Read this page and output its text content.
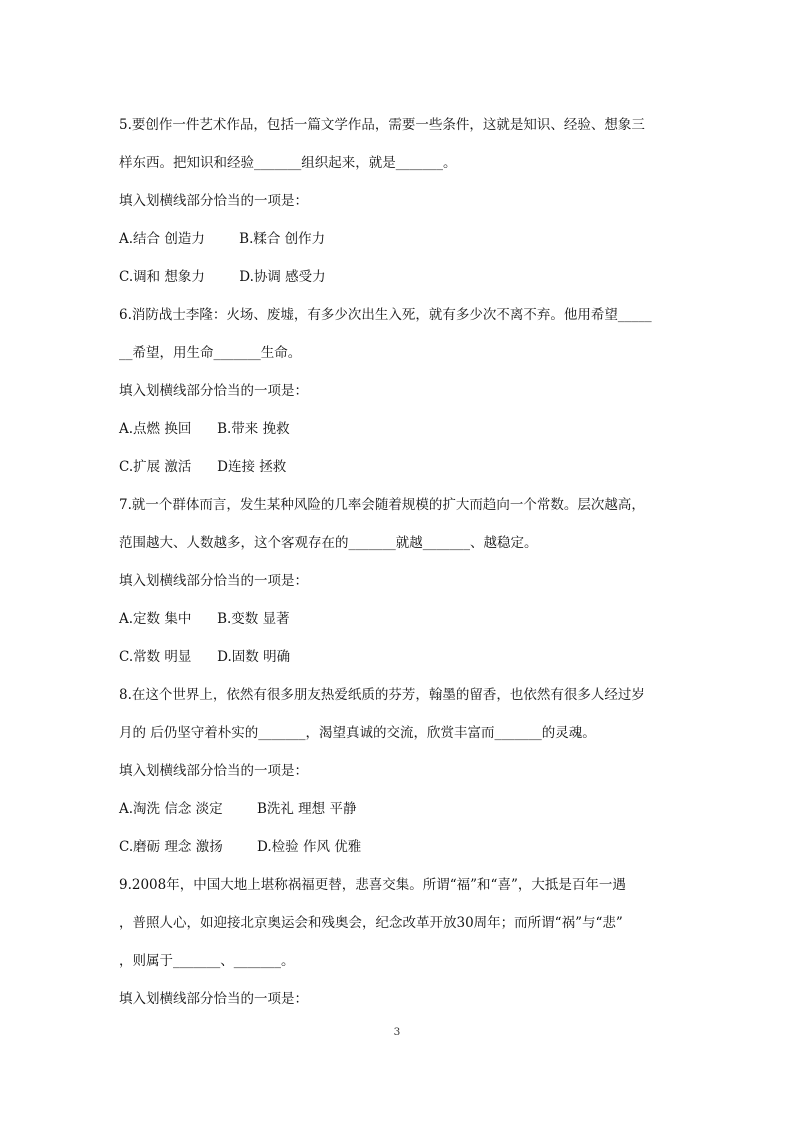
5.要创作一件艺术作品，包括一篇文学作品，需要一些条件，这就是知识、经验、想象三

样东西。把知识和经验_______组织起来，就是_______。

填入划横线部分恰当的一项是：

A.结合 创造力        B.糅合 创作力

C.调和 想象力        D.协调 感受力

6.消防战士李隆：火场、废墟，有多少次出生入死，就有多少次不离不弃。他用希望_____

__希望，用生命_______生命。

填入划横线部分恰当的一项是：

A.点燃 换回      B.带来 挽救

C.扩展 激活      D连接 拯救

7.就一个群体而言，发生某种风险的几率会随着规模的扩大而趋向一个常数。层次越高，

范围越大、人数越多，这个客观存在的_______就越_______、越稳定。

填入划横线部分恰当的一项是：

A.定数 集中      B.变数 显著

C.常数 明显      D.固数 明确

8.在这个世界上，依然有很多朋友热爱纸质的芬芳，翰墨的留香，也依然有很多人经过岁

月的 后仍坚守着朴实的_______，渴望真诚的交流，欣赏丰富而_______的灵魂。

填入划横线部分恰当的一项是：

A.淘洗 信念 淡定        B洗礼 理想 平静

C.磨砺 理念 激扬        D.检验 作风 优雅

9.2008年，中国大地上堪称祸福更替，悲喜交集。所谓“福”和“喜”，大抵是百年一遇

，普照人心，如迎接北京奥运会和残奥会，纪念改革开放30周年；而所谓“祸”与“悲”

，则属于_______、_______。

填入划横线部分恰当的一项是：

3
